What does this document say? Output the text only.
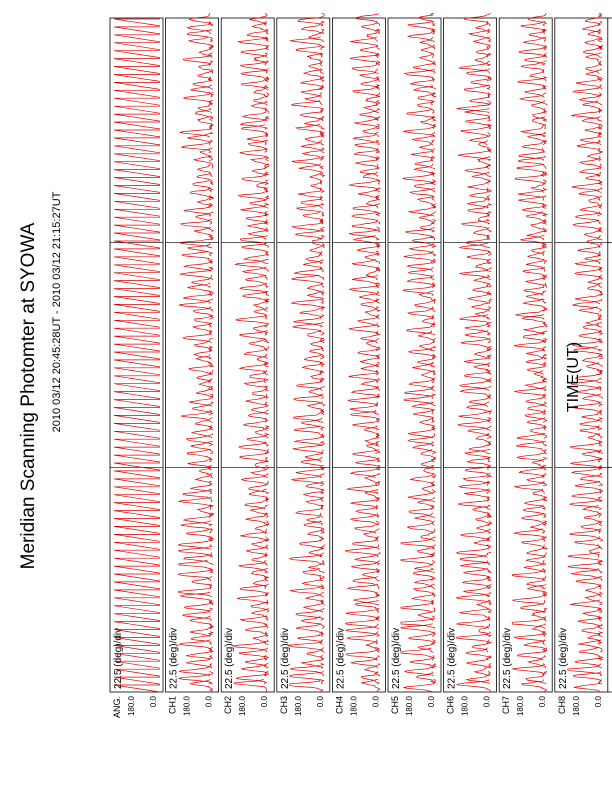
Meridian Scanning Photomter at SYOWA 2010 03/12 20:45:28UT - 2010 03/12 21:15:27UT
ANG. 180.0 0.0
22.5 (deg)/div
CH1 180.0 0.0
22.5 (deg)/div
CH2 180.0 0.0
22.5 (deg)/div
CH3 180.0 0.0
22.5 (deg)/div
CH4 180.0 0.0
22.5 (deg)/div
CH5 180.0 0.0
22.5 (deg)/div
CH6 180.0 0.0
22.5 (deg)/div
CH7 180.0 0.0
22.5 (deg)/div
CH8 180.0 0.0
22.5 (deg)/div
TIME(UT)
